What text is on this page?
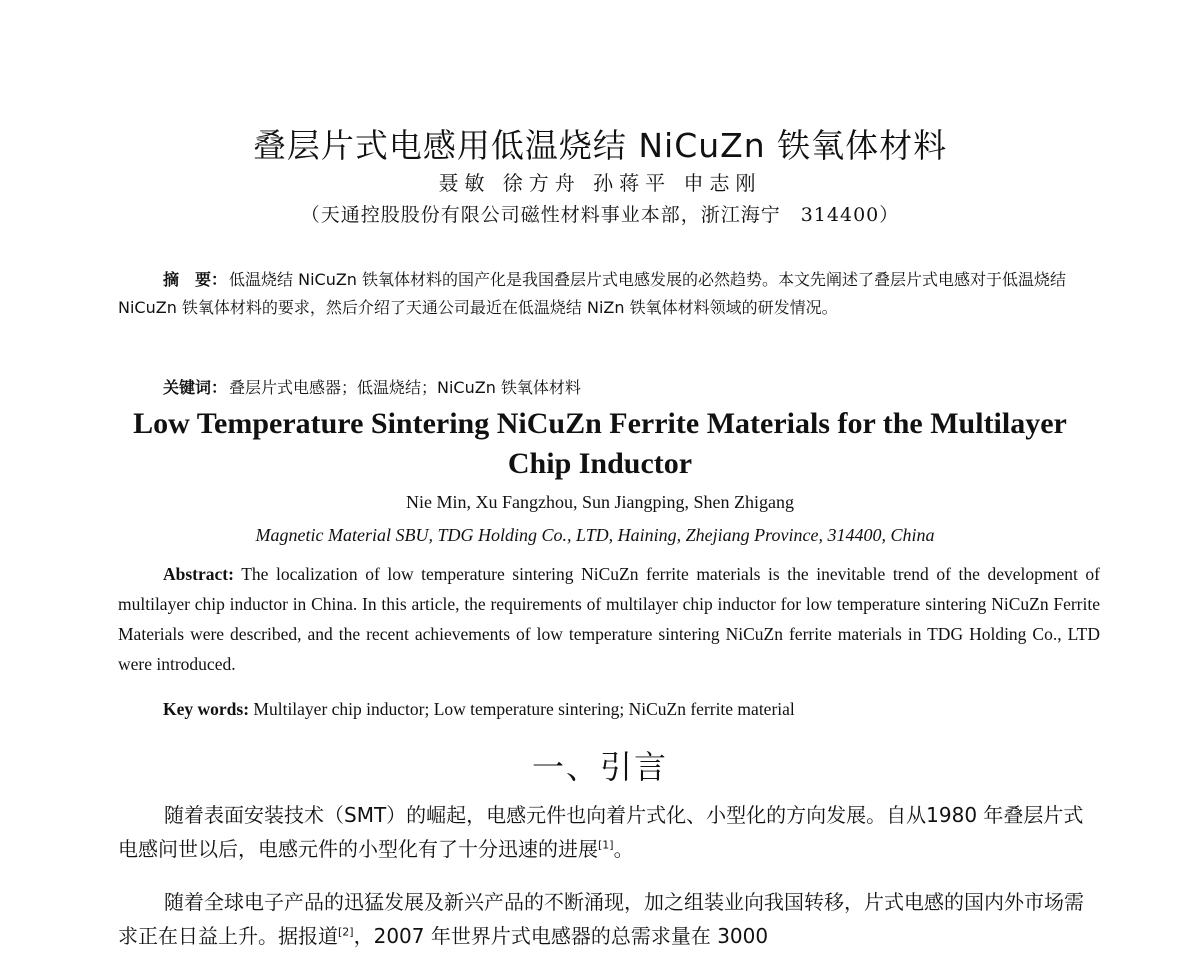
叠层片式电感用低温烧结 NiCuZn 铁氧体材料
聂敏 徐方舟 孙蒋平 申志刚
（天通控股股份有限公司磁性材料事业本部，浙江海宁　314400）
摘　要： 低温烧结 NiCuZn 铁氧体材料的国产化是我国叠层片式电感发展的必然趋势。本文先阐述了叠层片式电感对于低温烧结 NiCuZn 铁氧体材料的要求，然后介绍了天通公司最近在低温烧结 NiZn 铁氧体材料领域的研发情况。
关键词： 叠层片式电感器；低温烧结；NiCuZn 铁氧体材料
Low Temperature Sintering NiCuZn Ferrite Materials for the Multilayer Chip Inductor
Nie Min, Xu Fangzhou, Sun Jiangping, Shen Zhigang
Magnetic Material SBU, TDG Holding Co., LTD, Haining, Zhejiang Province, 314400, China
Abstract: The localization of low temperature sintering NiCuZn ferrite materials is the inevitable trend of the development of multilayer chip inductor in China. In this article, the requirements of multilayer chip inductor for low temperature sintering NiCuZn Ferrite Materials were described, and the recent achievements of low temperature sintering NiCuZn ferrite materials in TDG Holding Co., LTD were introduced.
Key words: Multilayer chip inductor; Low temperature sintering; NiCuZn ferrite material
一、引言
随着表面安装技术（SMT）的崛起，电感元件也向着片式化、小型化的方向发展。自从1980 年叠层片式电感问世以后，电感元件的小型化有了十分迅速的进展[1]。
随着全球电子产品的迅猛发展及新兴产品的不断涌现，加之组装业向我国转移，片式电感的国内外市场需求正在日益上升。据报道[2]，2007 年世界片式电感器的总需求量在 3000
